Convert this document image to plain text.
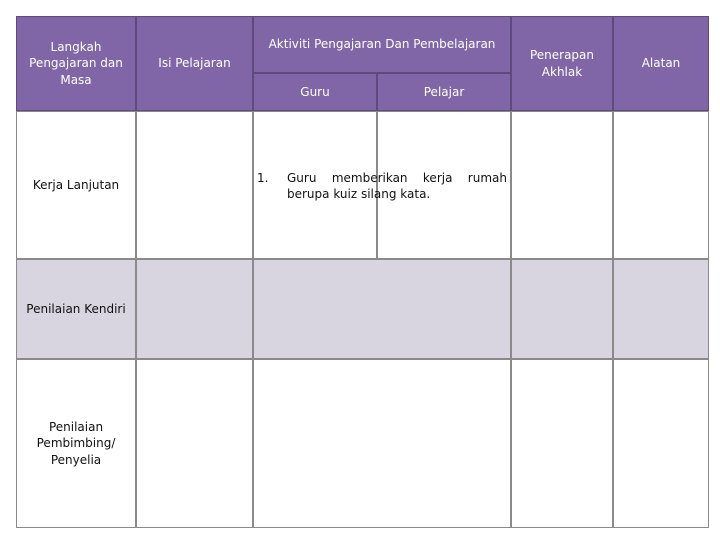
Langkah Pengajaran dan Masa
Isi Pelajaran
Aktiviti Pengajaran Dan Pembelajaran
Guru	Pelajar
Penerapan Akhlak
Alatan
Kerja Lanjutan
Penilaian Kendiri
Penilaian Pembimbing/ Penyelia
1.	Guru memberikan kerja rumah berupa kuiz silang kata.
